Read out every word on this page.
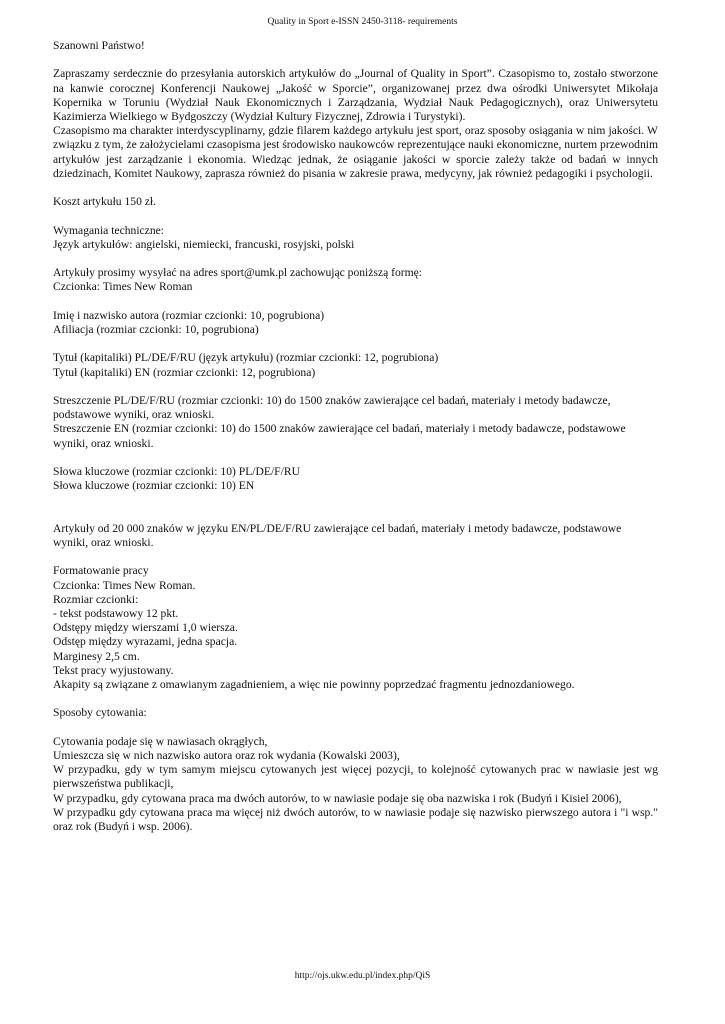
Quality in Sport e-ISSN 2450-3118- requirements

Szanowni Państwo!

Zapraszamy serdecznie do przesyłania autorskich artykułów do „Journal of Quality in Sport”. Czasopismo to, zostało stworzone na kanwie corocznej Konferencji Naukowej „Jakość w Sporcie”, organizowanej przez dwa ośrodki Uniwersytet Mikołaja Kopernika w Toruniu (Wydział Nauk Ekonomicznych i Zarządzania, Wydział Nauk Pedagogicznych), oraz Uniwersytetu Kazimierza Wielkiego w Bydgoszczy (Wydział Kultury Fizycznej, Zdrowia i Turystyki).

Czasopismo ma charakter interdyscyplinarny, gdzie filarem każdego artykułu jest sport, oraz sposoby osiągania w nim jakości. W związku z tym, że założycielami czasopisma jest środowisko naukowców reprezentujące nauki ekonomiczne, nurtem przewodnim artykułów jest zarządzanie i ekonomia. Wiedząc jednak, że osiąganie jakości w sporcie zależy także od badań w innych dziedzinach, Komitet Naukowy, zaprasza również do pisania w zakresie prawa, medycyny, jak również pedagogiki i psychologii.

Koszt artykułu 150 zł.

Wymagania techniczne:

Język artykułów: angielski, niemiecki, francuski, rosyjski, polski

Artykuły prosimy wysyłać na adres sport@umk.pl zachowując poniższą formę:

Czcionka: Times New Roman

Imię i nazwisko autora (rozmiar czcionki: 10, pogrubiona)

Afiliacja (rozmiar czcionki: 10, pogrubiona)

Tytuł (kapitaliki) PL/DE/F/RU (język artykułu) (rozmiar czcionki: 12, pogrubiona)

Tytuł (kapitaliki) EN (rozmiar czcionki: 12, pogrubiona)

Streszczenie PL/DE/F/RU (rozmiar czcionki: 10) do 1500 znaków zawierające cel badań, materiały i metody badawcze, podstawowe wyniki, oraz wnioski.

Streszczenie EN (rozmiar czcionki: 10) do 1500 znaków zawierające cel badań, materiały i metody badawcze, podstawowe wyniki, oraz wnioski.

Słowa kluczowe (rozmiar czcionki: 10) PL/DE/F/RU

Słowa kluczowe (rozmiar czcionki: 10) EN

Artykuły od 20 000 znaków w języku EN/PL/DE/F/RU zawierające cel badań, materiały i metody badawcze, podstawowe wyniki, oraz wnioski.

Formatowanie pracy

Czcionka: Times New Roman.

Rozmiar czcionki:

- tekst podstawowy 12 pkt.

Odstępy między wierszami 1,0 wiersza.

Odstęp między wyrazami, jedna spacja.

Marginesy 2,5 cm.

Tekst pracy wyjustowany.

Akapity są związane z omawianym zagadnieniem, a więc nie powinny poprzedzać fragmentu jednozdaniowego.

Sposoby cytowania:

Cytowania podaje się w nawiasach okrągłych,

Umieszcza się w nich nazwisko autora oraz rok wydania (Kowalski 2003),

W przypadku, gdy w tym samym miejscu cytowanych jest więcej pozycji, to kolejność cytowanych prac w nawiasie jest wg pierwszeństwa publikacji,

W przypadku, gdy cytowana praca ma dwóch autorów, to w nawiasie podaje się oba nazwiska i rok (Budyń i Kisiel 2006),

W przypadku gdy cytowana praca ma więcej niż dwóch autorów, to w nawiasie podaje się nazwisko pierwszego autora i "i wsp." oraz rok (Budyń i wsp. 2006).

http://ojs.ukw.edu.pl/index.php/QiS
